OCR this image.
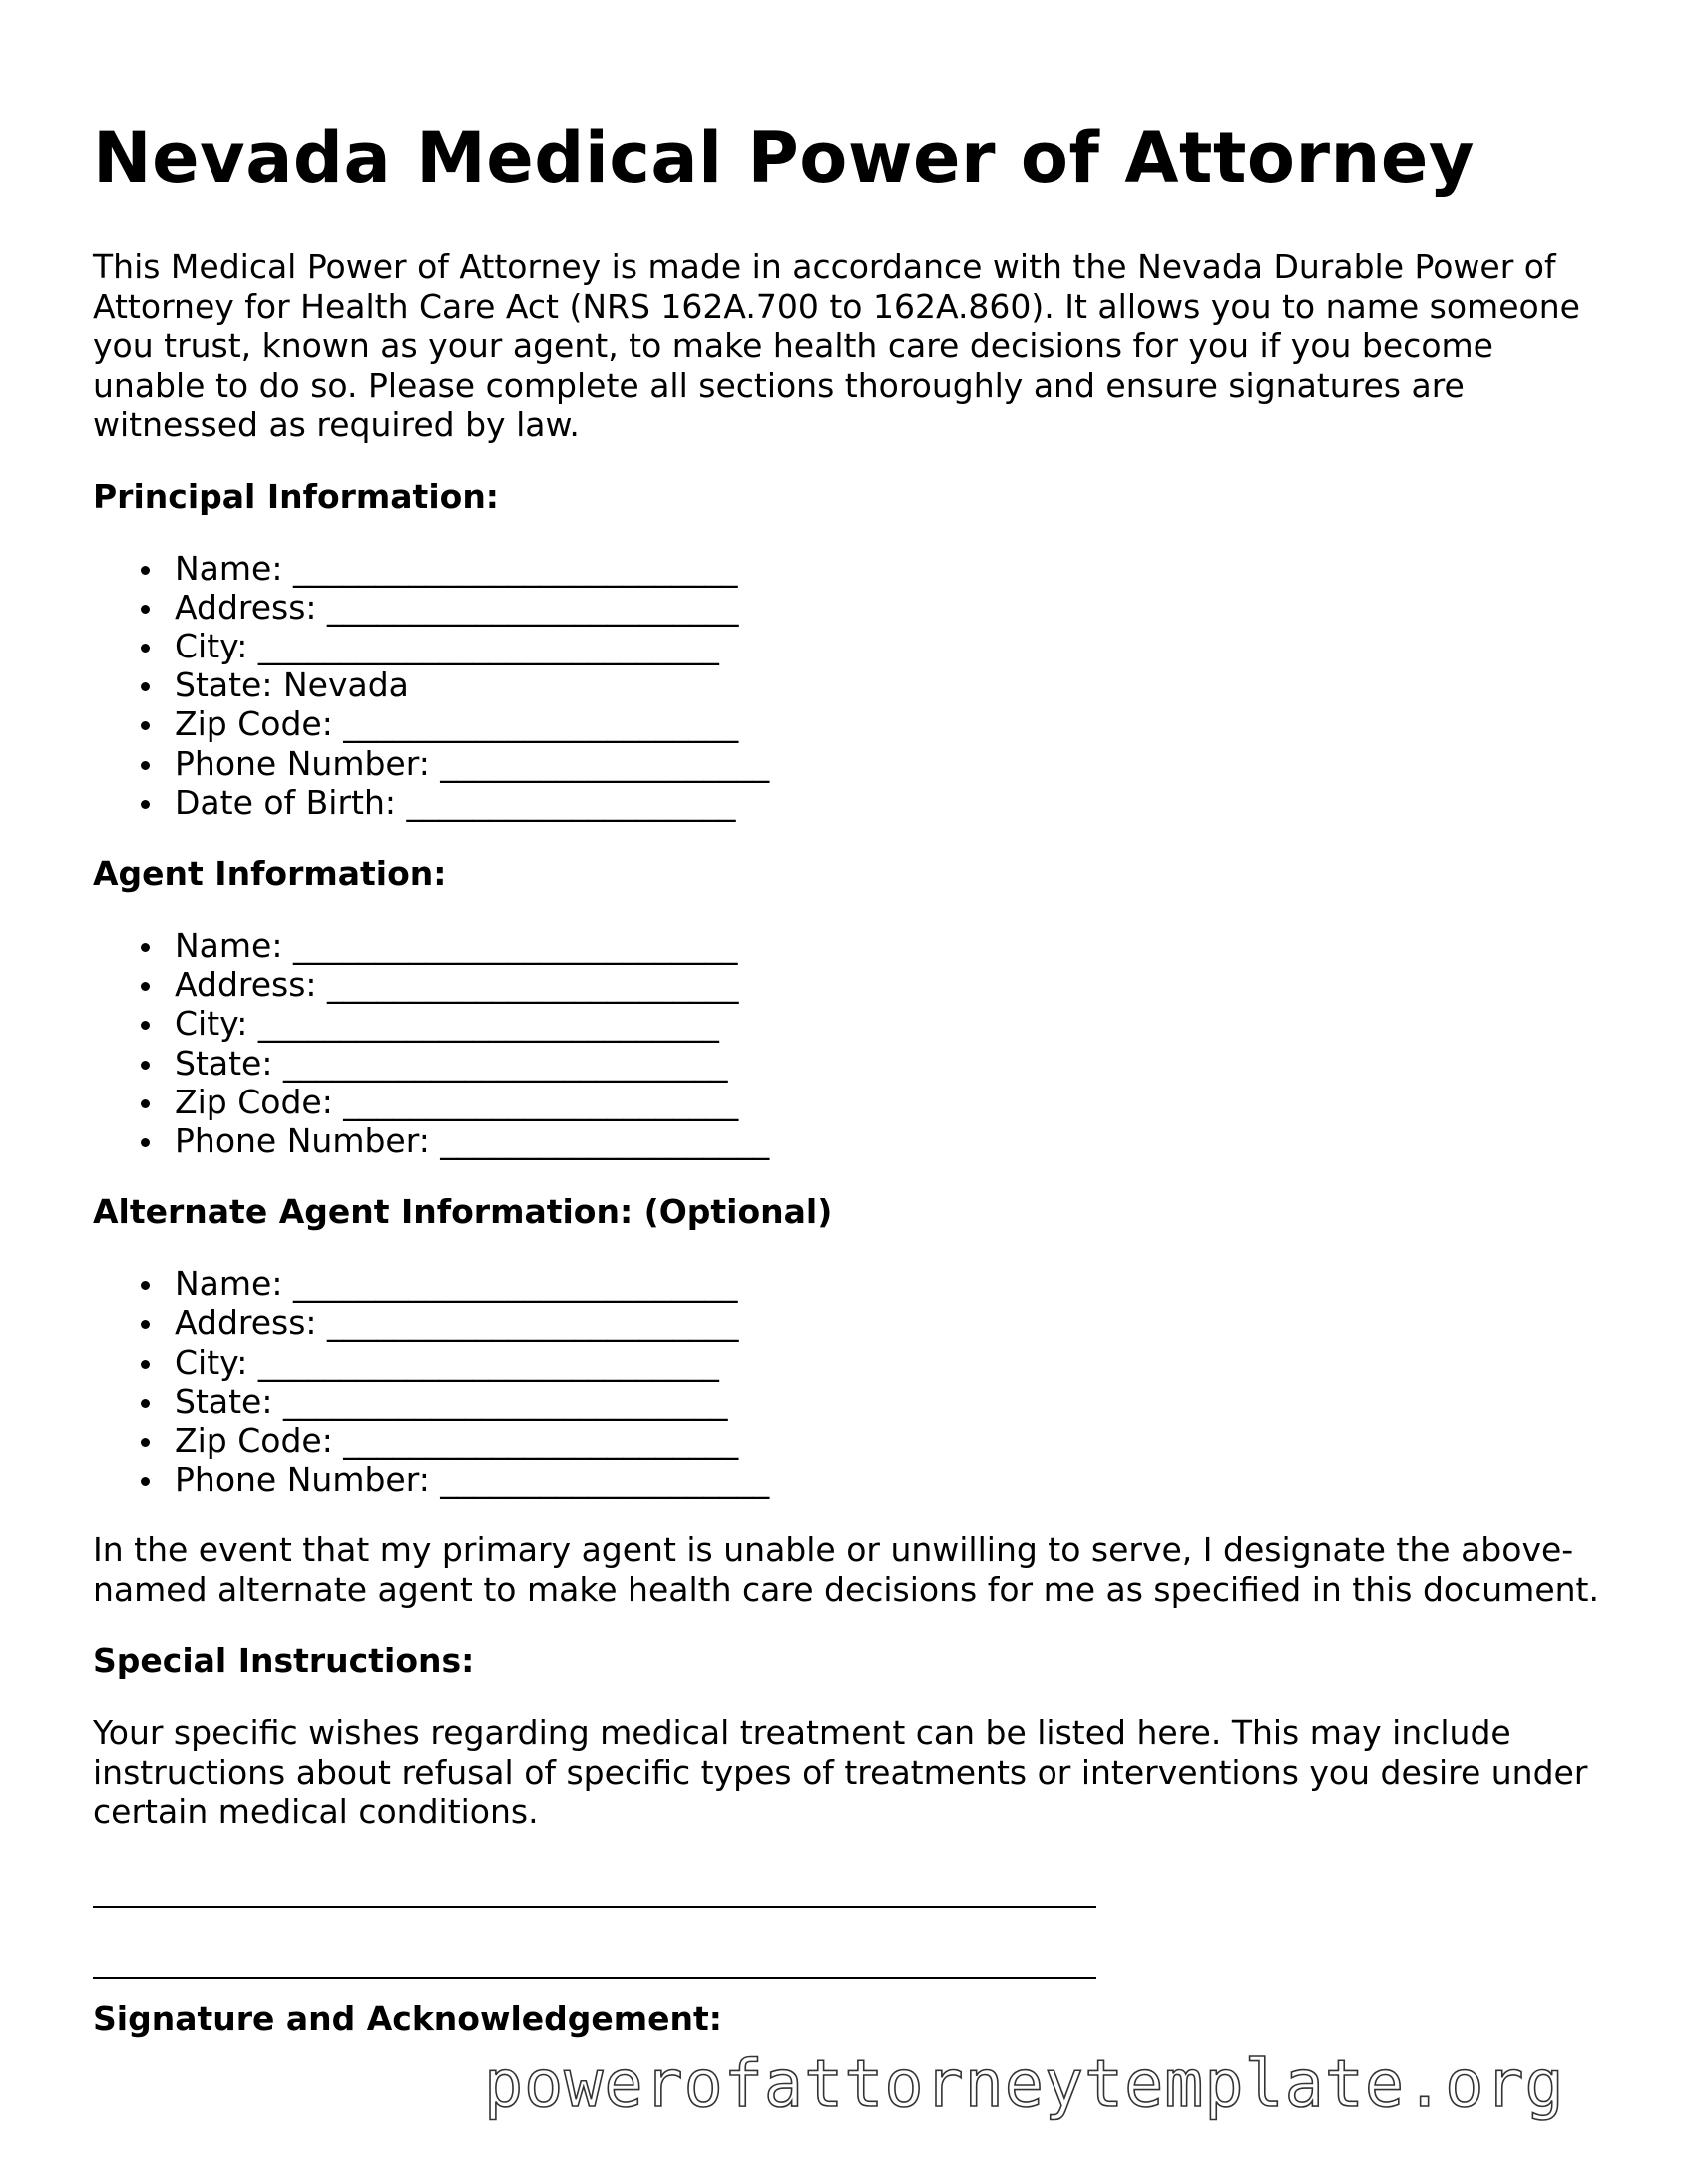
Nevada Medical Power of Attorney

This Medical Power of Attorney is made in accordance with the Nevada Durable Power of Attorney for Health Care Act (NRS 162A.700 to 162A.860). It allows you to name someone you trust, known as your agent, to make health care decisions for you if you become unable to do so. Please complete all sections thoroughly and ensure signatures are witnessed as required by law.

Principal Information:

Name: ___________________________
Address: _________________________
City: ____________________________
State: Nevada
Zip Code: ________________________
Phone Number: ____________________
Date of Birth: ____________________

Agent Information:

Name: ___________________________
Address: _________________________
City: ____________________________
State: ___________________________
Zip Code: ________________________
Phone Number: ____________________

Alternate Agent Information: (Optional)

Name: ___________________________
Address: _________________________
City: ____________________________
State: ___________________________
Zip Code: ________________________
Phone Number: ____________________

In the event that my primary agent is unable or unwilling to serve, I designate the above-named alternate agent to make health care decisions for me as specified in this document.

Special Instructions:

Your specific wishes regarding medical treatment can be listed here. This may include instructions about refusal of specific types of treatments or interventions you desire under certain medical conditions.

Signature and Acknowledgement:

powerofattorneytemplate.org
